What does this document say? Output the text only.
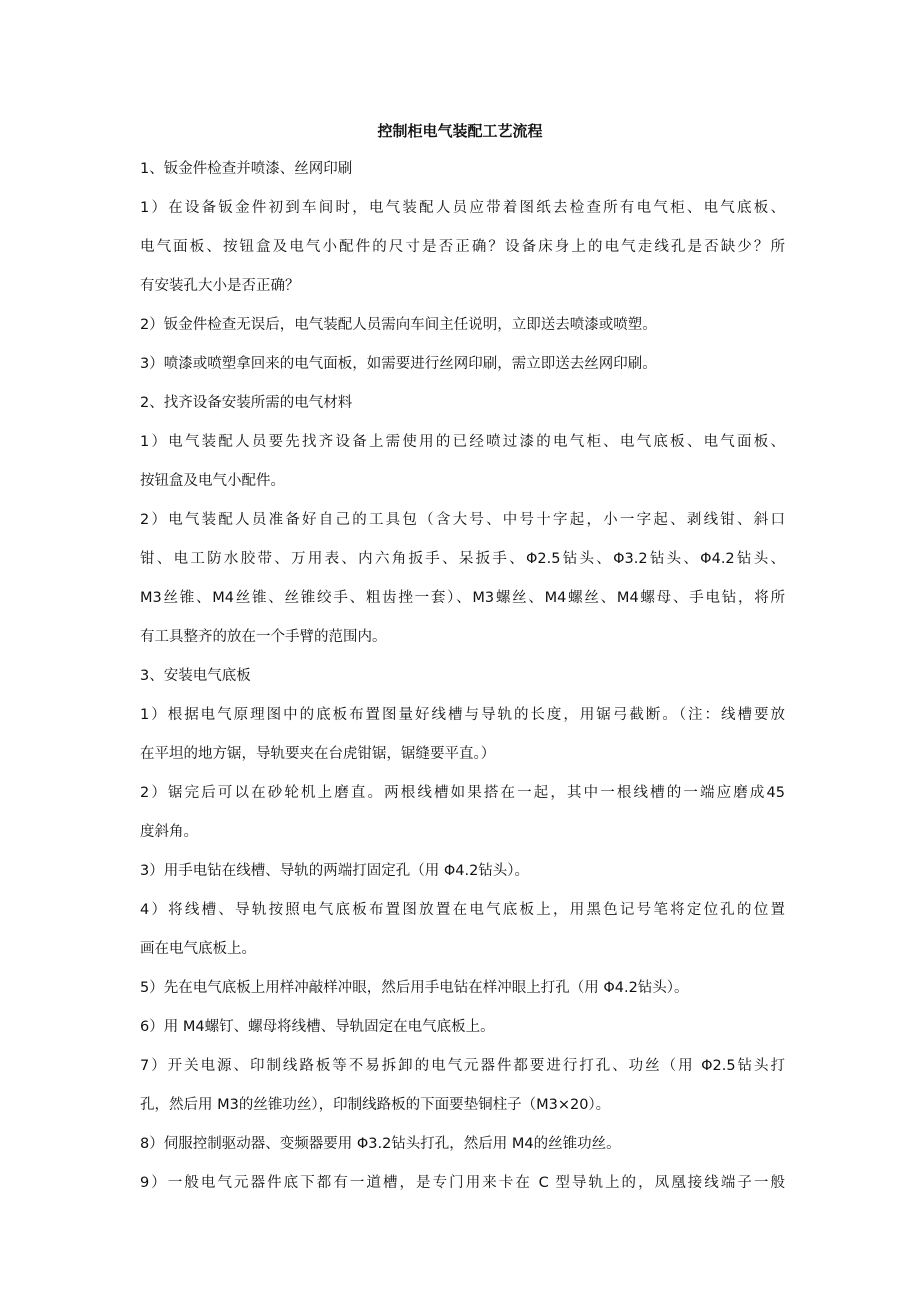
控制柜电气装配工艺流程
1、钣金件检查并喷漆、丝网印刷
1）在设备钣金件初到车间时，电气装配人员应带着图纸去检查所有电气柜、电气底板、
电气面板、按钮盒及电气小配件的尺寸是否正确？设备床身上的电气走线孔是否缺少？所
有安装孔大小是否正确？
2）钣金件检查无误后，电气装配人员需向车间主任说明，立即送去喷漆或喷塑。
3）喷漆或喷塑拿回来的电气面板，如需要进行丝网印刷，需立即送去丝网印刷。
2、找齐设备安装所需的电气材料
1）电气装配人员要先找齐设备上需使用的已经喷过漆的电气柜、电气底板、电气面板、
按钮盒及电气小配件。
2）电气装配人员准备好自己的工具包（含大号、中号十字起，小一字起、剥线钳、斜口
钳、电工防水胶带、万用表、内六角扳手、呆扳手、Φ2.5钻头、Φ3.2钻头、Φ4.2钻头、
M3丝锥、M4丝锥、丝锥绞手、粗齿挫一套）、M3螺丝、M4螺丝、M4螺母、手电钻，将所
有工具整齐的放在一个手臂的范围内。
3、安装电气底板
1）根据电气原理图中的底板布置图量好线槽与导轨的长度，用锯弓截断。（注：线槽要放
在平坦的地方锯，导轨要夹在台虎钳锯，锯缝要平直。）
2）锯完后可以在砂轮机上磨直。两根线槽如果搭在一起，其中一根线槽的一端应磨成45
度斜角。
3）用手电钻在线槽、导轨的两端打固定孔（用 Φ4.2钻头）。
4）将线槽、导轨按照电气底板布置图放置在电气底板上，用黑色记号笔将定位孔的位置
画在电气底板上。
5）先在电气底板上用样冲敲样冲眼，然后用手电钻在样冲眼上打孔（用 Φ4.2钻头）。
6）用 M4螺钉、螺母将线槽、导轨固定在电气底板上。
7）开关电源、印制线路板等不易拆卸的电气元器件都要进行打孔、功丝（用 Φ2.5钻头打
孔，然后用 M3的丝锥功丝），印制线路板的下面要垫铜柱子（M3×20）。
8）伺服控制驱动器、变频器要用 Φ3.2钻头打孔，然后用 M4的丝锥功丝。
9）一般电气元器件底下都有一道槽，是专门用来卡在 C 型导轨上的，凤凰接线端子一般
